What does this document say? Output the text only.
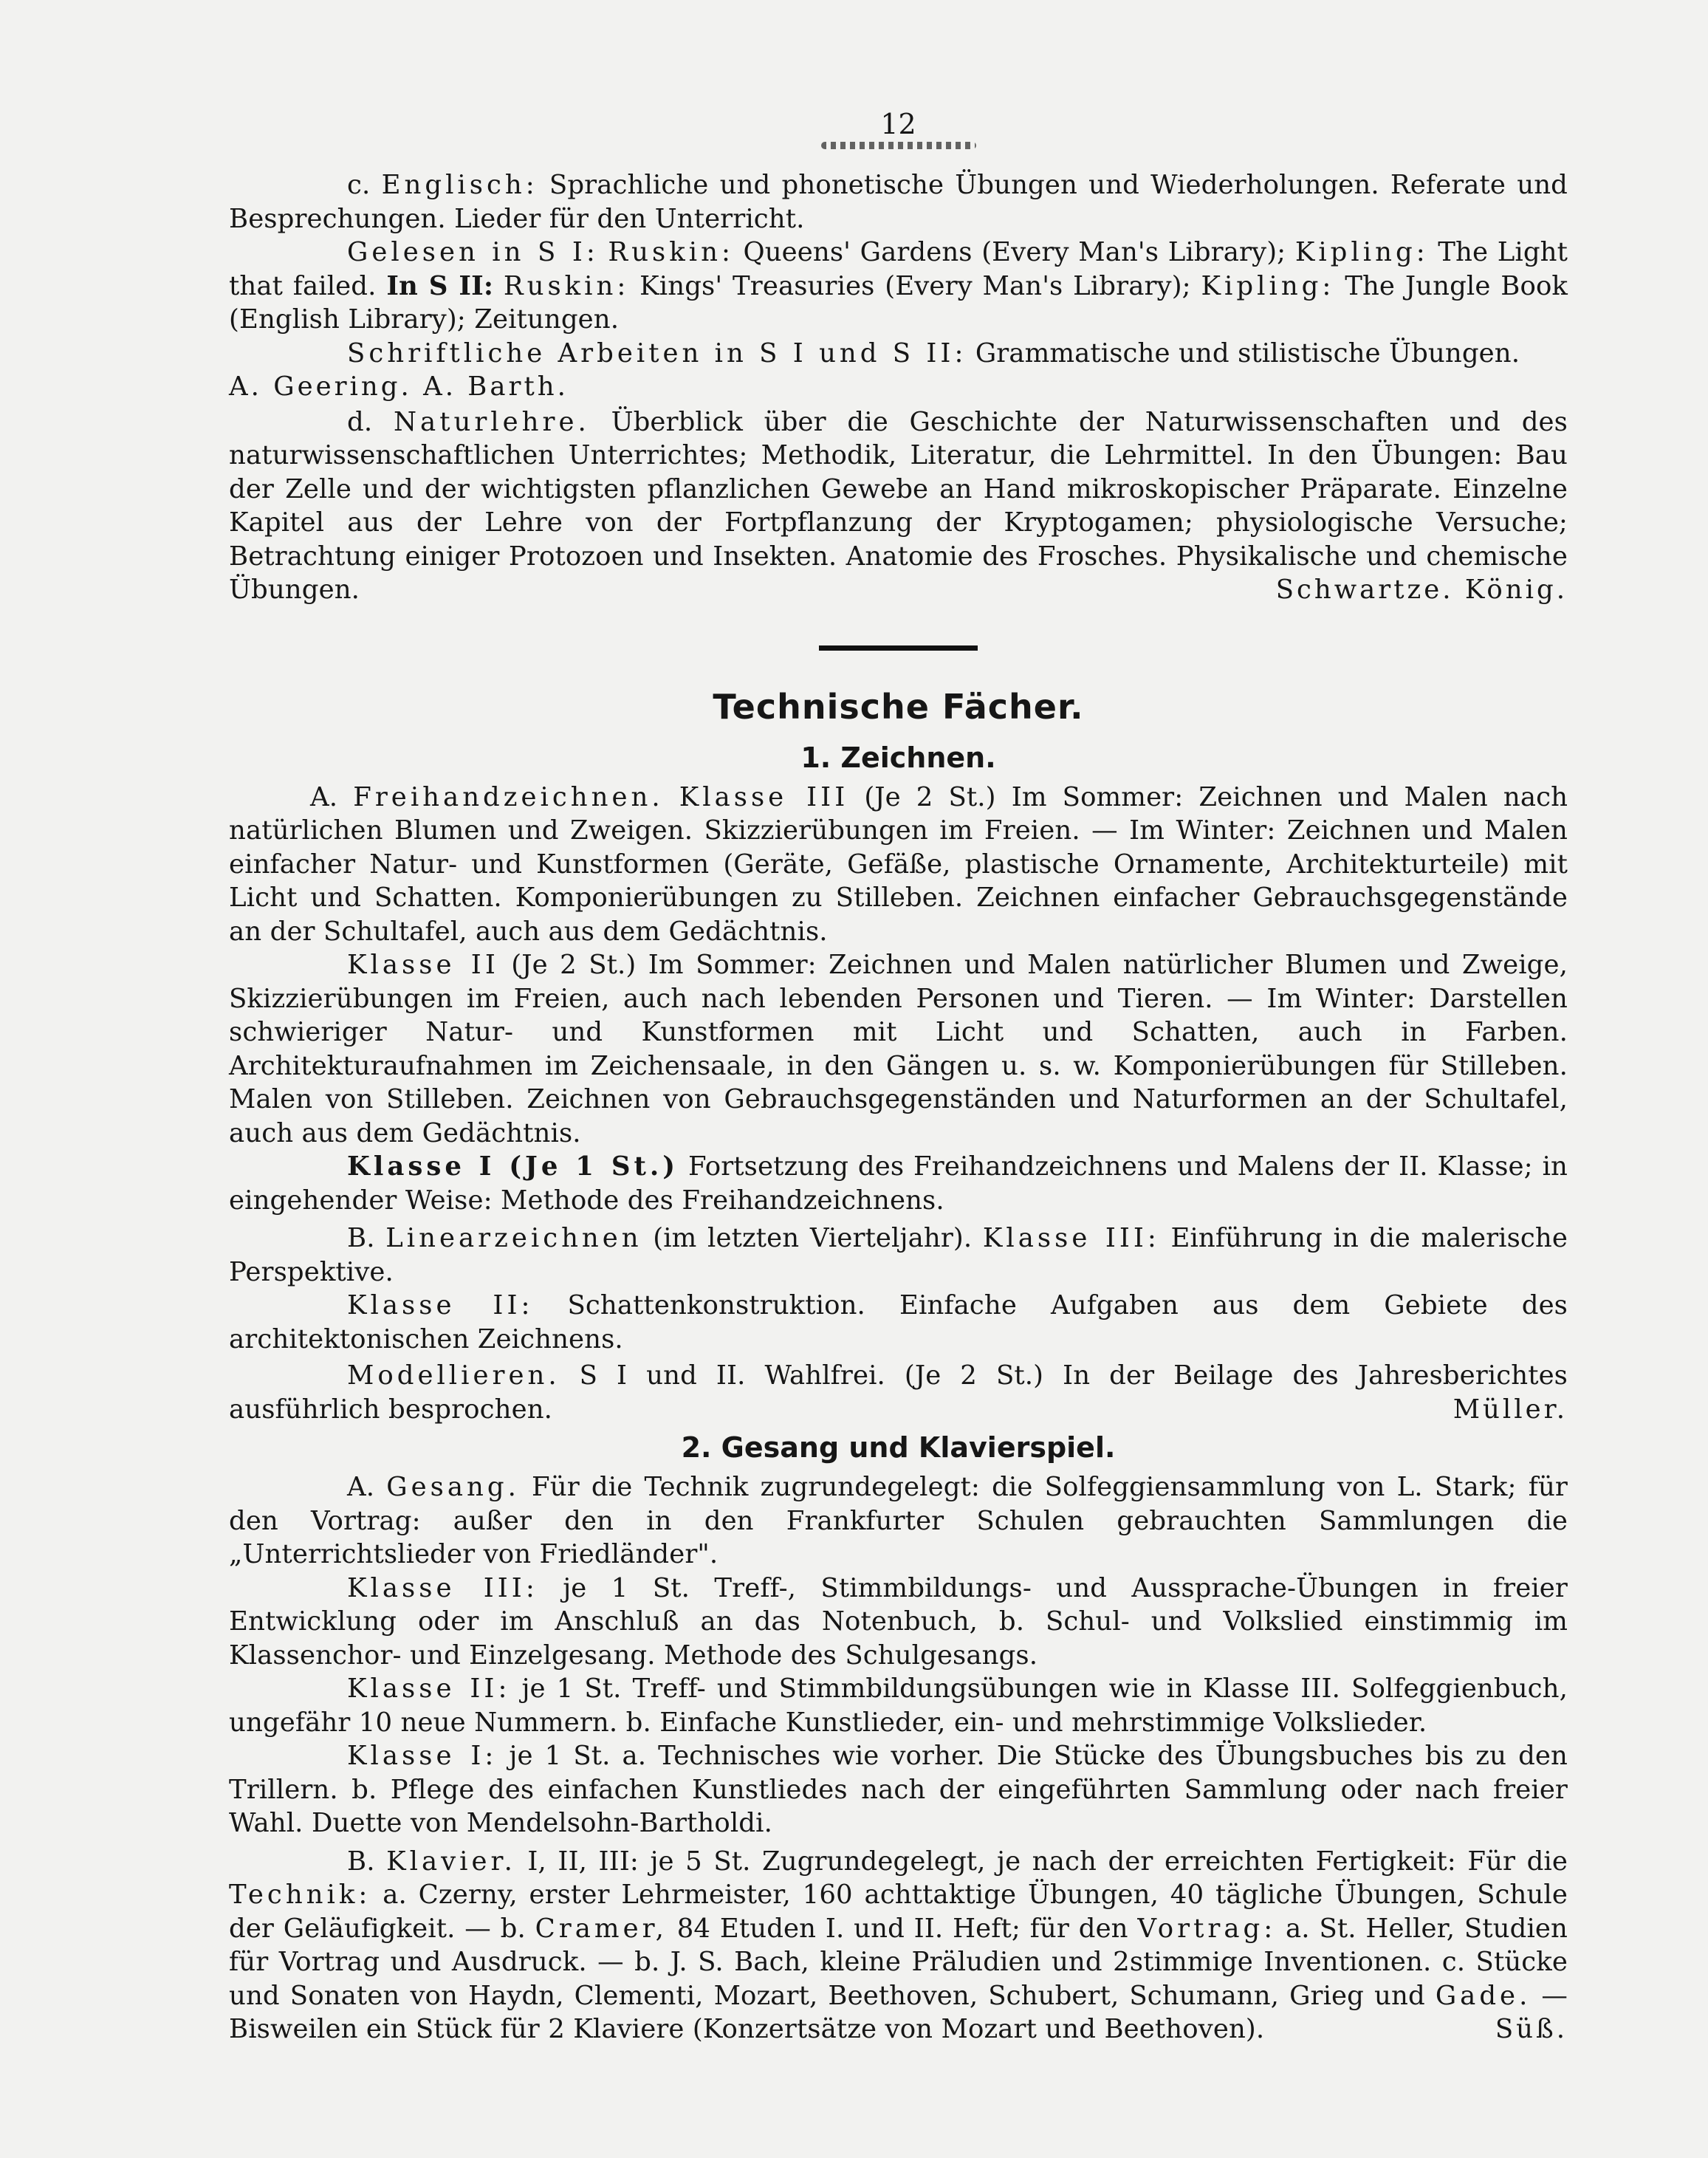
12

c. Englisch: Sprachliche und phonetische Übungen und Wiederholungen. Referate und Besprechungen. Lieder für den Unterricht.

Gelesen in S I: Ruskin: Queens' Gardens (Every Man's Library); Kipling: The Light that failed. In S II: Ruskin: Kings' Treasuries (Every Man's Library); Kipling: The Jungle Book (English Library); Zeitungen.

Schriftliche Arbeiten in S I und S II: Grammatische und stilistische Übungen.

A. Geering. A. Barth.

d. Naturlehre. Überblick über die Geschichte der Naturwissenschaften und des naturwissenschaftlichen Unterrichtes; Methodik, Literatur, die Lehrmittel. In den Übungen: Bau der Zelle und der wichtigsten pflanzlichen Gewebe an Hand mikroskopischer Präparate. Einzelne Kapitel aus der Lehre von der Fortpflanzung der Kryptogamen; physiologische Versuche; Betrachtung einiger Protozoen und Insekten. Anatomie des Frosches. Physikalische und chemische Übungen.	Schwartze. König.

Technische Fächer.
1. Zeichnen.

A. Freihandzeichnen. Klasse III (Je 2 St.) Im Sommer: Zeichnen und Malen nach natürlichen Blumen und Zweigen. Skizzierübungen im Freien. — Im Winter: Zeichnen und Malen einfacher Natur- und Kunstformen (Geräte, Gefäße, plastische Ornamente, Architekturteile) mit Licht und Schatten. Komponierübungen zu Stilleben. Zeichnen einfacher Gebrauchsgegenstände an der Schultafel, auch aus dem Gedächtnis.

Klasse II (Je 2 St.) Im Sommer: Zeichnen und Malen natürlicher Blumen und Zweige, Skizzierübungen im Freien, auch nach lebenden Personen und Tieren. — Im Winter: Darstellen schwieriger Natur- und Kunstformen mit Licht und Schatten, auch in Farben. Architekturaufnahmen im Zeichensaale, in den Gängen u. s. w. Komponierübungen für Stilleben. Malen von Stilleben. Zeichnen von Gebrauchsgegenständen und Naturformen an der Schultafel, auch aus dem Gedächtnis.

Klasse I (Je 1 St.) Fortsetzung des Freihandzeichnens und Malens der II. Klasse; in eingehender Weise: Methode des Freihandzeichnens.

B. Linearzeichnen (im letzten Vierteljahr). Klasse III: Einführung in die malerische Perspektive.

Klasse II: Schattenkonstruktion. Einfache Aufgaben aus dem Gebiete des architektonischen Zeichnens.

Modellieren. S I und II. Wahlfrei. (Je 2 St.) In der Beilage des Jahresberichtes ausführlich besprochen.	Müller.

2. Gesang und Klavierspiel.

A. Gesang. Für die Technik zugrundegelegt: die Solfeggiensammlung von L. Stark; für den Vortrag: außer den in den Frankfurter Schulen gebrauchten Sammlungen die „Unterrichtslieder von Friedländer".

Klasse III: je 1 St. Treff-, Stimmbildungs- und Aussprache-Übungen in freier Entwicklung oder im Anschluß an das Notenbuch, b. Schul- und Volkslied einstimmig im Klassenchor- und Einzelgesang. Methode des Schulgesangs.

Klasse II: je 1 St. Treff- und Stimmbildungsübungen wie in Klasse III. Solfeggienbuch, ungefähr 10 neue Nummern. b. Einfache Kunstlieder, ein- und mehrstimmige Volkslieder.

Klasse I: je 1 St. a. Technisches wie vorher. Die Stücke des Übungsbuches bis zu den Trillern. b. Pflege des einfachen Kunstliedes nach der eingeführten Sammlung oder nach freier Wahl. Duette von Mendelsohn-Bartholdi.

B. Klavier. I, II, III: je 5 St. Zugrundegelegt, je nach der erreichten Fertigkeit: Für die Technik: a. Czerny, erster Lehrmeister, 160 achttaktige Übungen, 40 tägliche Übungen, Schule der Geläufigkeit. — b. Cramer, 84 Etuden I. und II. Heft; für den Vortrag: a. St. Heller, Studien für Vortrag und Ausdruck. — b. J. S. Bach, kleine Präludien und 2stimmige Inventionen. c. Stücke und Sonaten von Haydn, Clementi, Mozart, Beethoven, Schubert, Schumann, Grieg und Gade. — Bisweilen ein Stück für 2 Klaviere (Konzertsätze von Mozart und Beethoven).	Süß.
